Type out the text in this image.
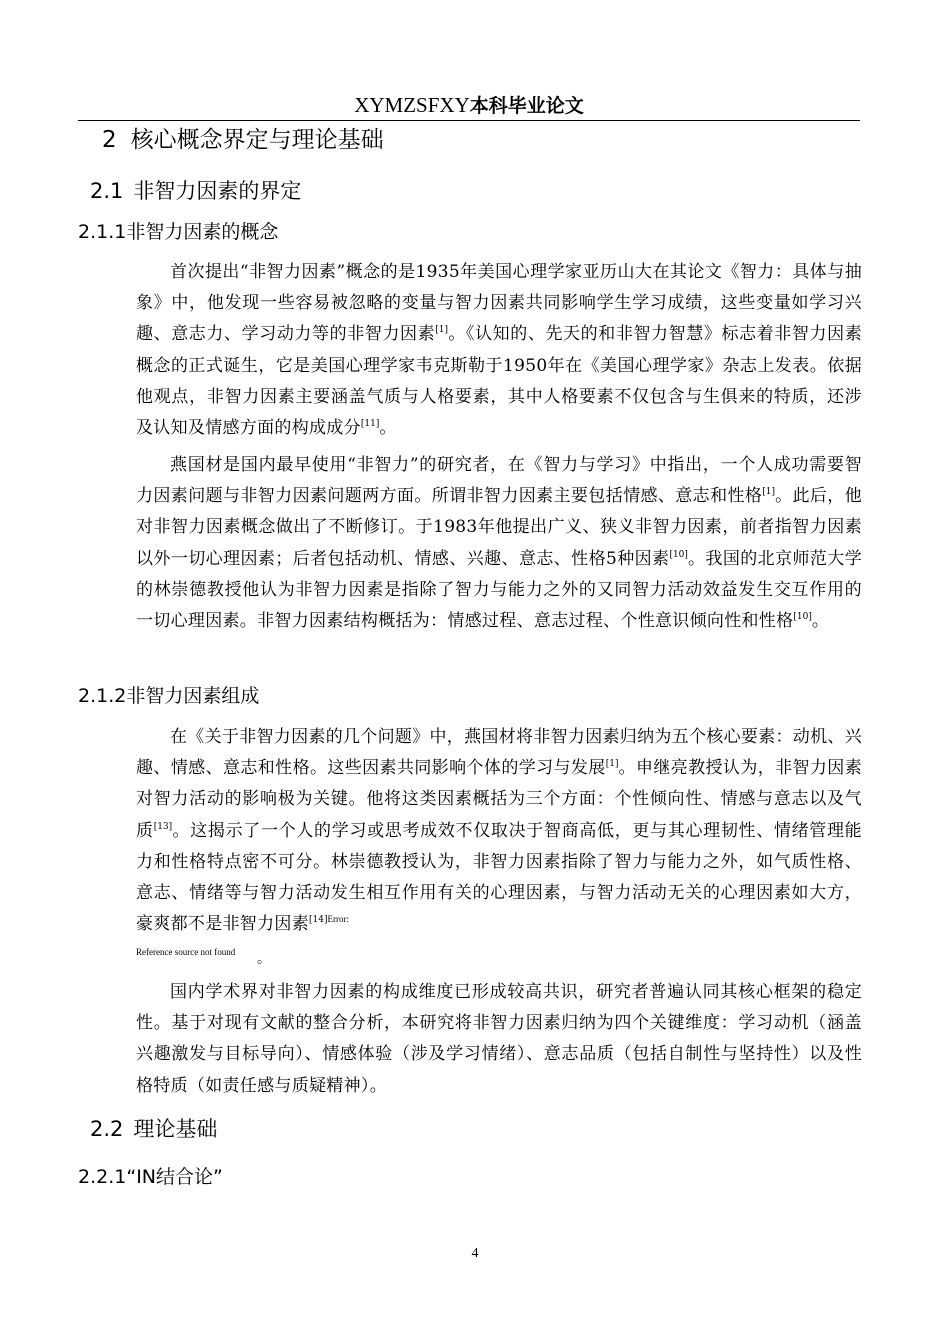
XYMZSFXY本科毕业论文
2 核心概念界定与理论基础
2.1 非智力因素的界定
2.1.1非智力因素的概念

首次提出“非智力因素”概念的是1935年美国心理学家亚历山大在其论文《智力：具体与抽象》中，他发现一些容易被忽略的变量与智力因素共同影响学生学习成绩，这些变量如学习兴趣、意志力、学习动力等的非智力因素[1]。《认知的、先天的和非智力智慧》标志着非智力因素概念的正式诞生，它是美国心理学家韦克斯勒于1950年在《美国心理学家》杂志上发表。依据他观点，非智力因素主要涵盖气质与人格要素，其中人格要素不仅包含与生俱来的特质，还涉及认知及情感方面的构成成分[11]。

燕国材是国内最早使用“非智力”的研究者，在《智力与学习》中指出，一个人成功需要智力因素问题与非智力因素问题两方面。所谓非智力因素主要包括情感、意志和性格[1]。此后，他对非智力因素概念做出了不断修订。于1983年他提出广义、狭义非智力因素，前者指智力因素以外一切心理因素；后者包括动机、情感、兴趣、意志、性格5种因素[10]。我国的北京师范大学的林崇德教授他认为非智力因素是指除了智力与能力之外的又同智力活动效益发生交互作用的一切心理因素。非智力因素结构概括为：情感过程、意志过程、个性意识倾向性和性格[10]。

2.1.2非智力因素组成

在《关于非智力因素的几个问题》中，燕国材将非智力因素归纳为五个核心要素：动机、兴趣、情感、意志和性格。这些因素共同影响个体的学习与发展[1]。申继亮教授认为，非智力因素对智力活动的影响极为关键。他将这类因素概括为三个方面：个性倾向性、情感与意志以及气质[13]。这揭示了一个人的学习或思考成效不仅取决于智商高低，更与其心理韧性、情绪管理能力和性格特点密不可分。林崇德教授认为，非智力因素指除了智力与能力之外，如气质性格、意志、情绪等与智力活动发生相互作用有关的心理因素，与智力活动无关的心理因素如大方，豪爽都不是非智力因素$^{[14]Error:}$

Reference source not found 。

国内学术界对非智力因素的构成维度已形成较高共识，研究者普遍认同其核心框架的稳定性。基于对现有文献的整合分析，本研究将非智力因素归纳为四个关键维度：学习动机（涵盖兴趣激发与目标导向）、情感体验（涉及学习情绪）、意志品质（包括自制性与坚持性）以及性格特质（如责任感与质疑精神）。

2.2 理论基础
2.2.1“IN结合论”
4
